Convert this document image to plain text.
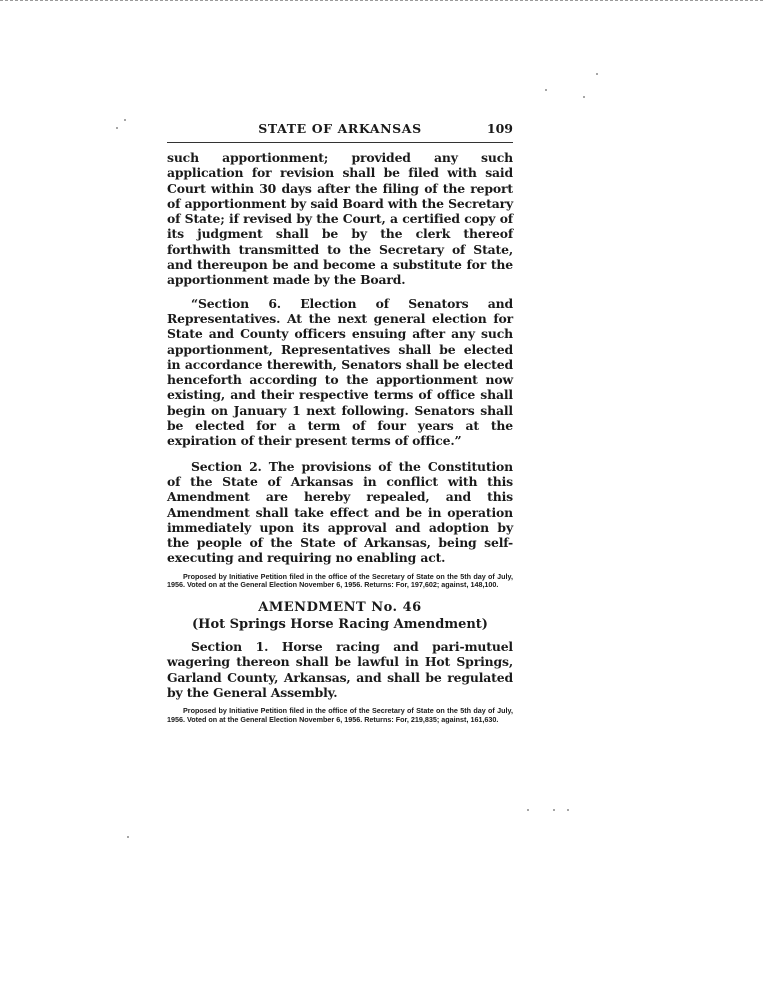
STATE OF ARKANSAS	109

such apportionment; provided any such application for revision shall be filed with said Court within 30 days after the filing of the report of apportionment by said Board with the Secretary of State; if revised by the Court, a certified copy of its judgment shall be by the clerk thereof forthwith transmitted to the Secretary of State, and thereupon be and become a substitute for the apportionment made by the Board.

“Section 6. Election of Senators and Representatives. At the next general election for State and County officers ensuing after any such apportionment, Representatives shall be elected in accordance therewith, Senators shall be elected henceforth according to the apportionment now existing, and their respective terms of office shall begin on January 1 next following. Senators shall be elected for a term of four years at the expiration of their present terms of office.”

Section 2. The provisions of the Constitution of the State of Arkansas in conflict with this Amendment are hereby repealed, and this Amendment shall take effect and be in operation immediately upon its approval and adoption by the people of the State of Arkansas, being self-executing and requiring no enabling act.

Proposed by Initiative Petition filed in the office of the Secretary of State on the 5th day of July, 1956. Voted on at the General Election November 6, 1956. Returns: For, 197,602; against, 148,100.

AMENDMENT No. 46
(Hot Springs Horse Racing Amendment)

Section 1. Horse racing and pari-mutuel wagering thereon shall be lawful in Hot Springs, Garland County, Arkansas, and shall be regulated by the General Assembly.

Proposed by Initiative Petition filed in the office of the Secretary of State on the 5th day of July, 1956. Voted on at the General Election November 6, 1956. Returns: For, 219,835; against, 161,630.
